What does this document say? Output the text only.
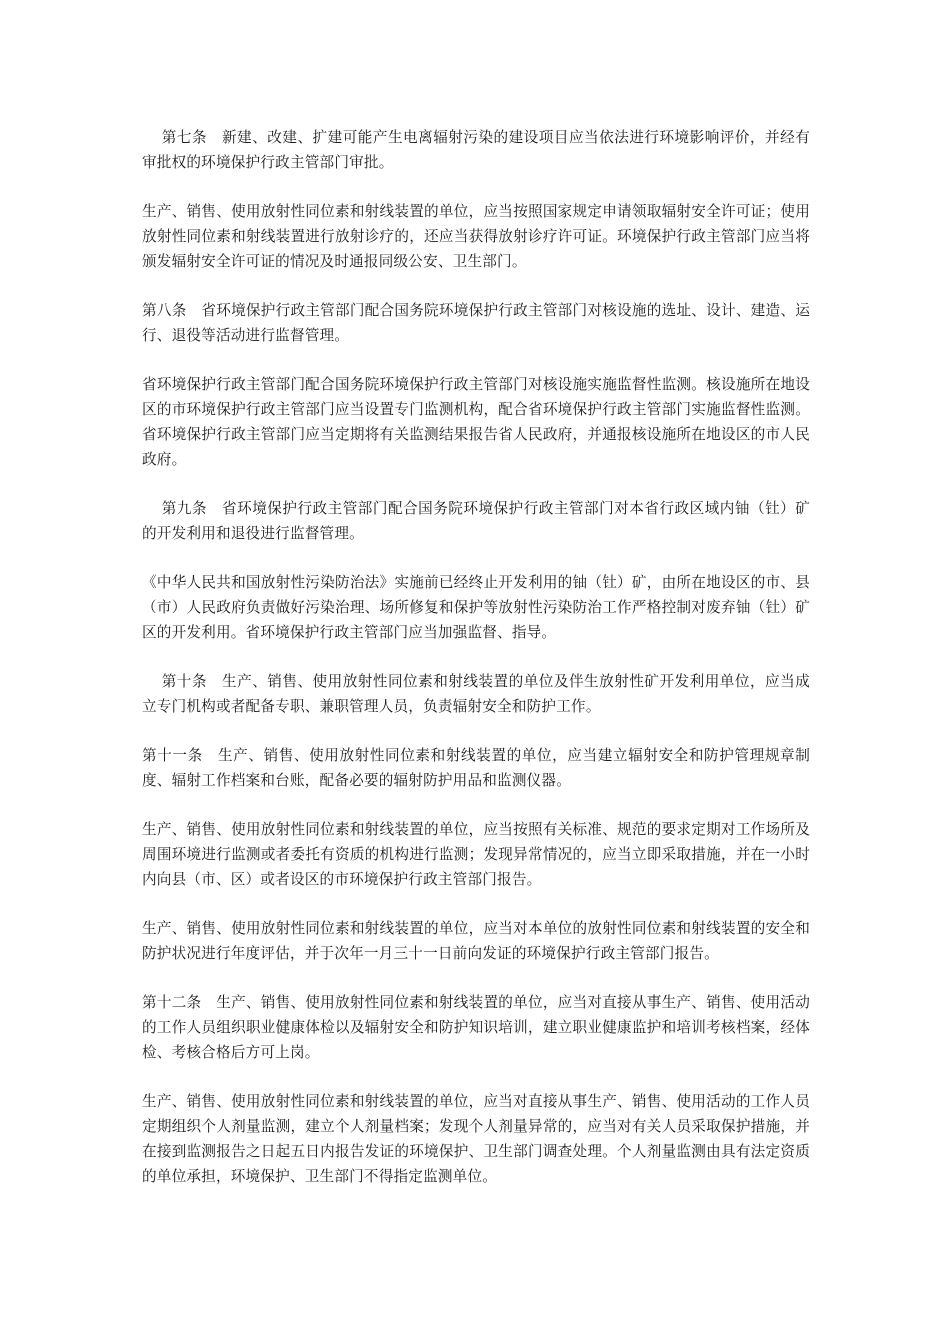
第七条　新建、改建、扩建可能产生电离辐射污染的建设项目应当依法进行环境影响评价，并经有审批权的环境保护行政主管部门审批。

生产、销售、使用放射性同位素和射线装置的单位，应当按照国家规定申请领取辐射安全许可证；使用放射性同位素和射线装置进行放射诊疗的，还应当获得放射诊疗许可证。环境保护行政主管部门应当将颁发辐射安全许可证的情况及时通报同级公安、卫生部门。

第八条　省环境保护行政主管部门配合国务院环境保护行政主管部门对核设施的选址、设计、建造、运行、退役等活动进行监督管理。

省环境保护行政主管部门配合国务院环境保护行政主管部门对核设施实施监督性监测。核设施所在地设区的市环境保护行政主管部门应当设置专门监测机构，配合省环境保护行政主管部门实施监督性监测。省环境保护行政主管部门应当定期将有关监测结果报告省人民政府，并通报核设施所在地设区的市人民政府。

第九条　省环境保护行政主管部门配合国务院环境保护行政主管部门对本省行政区域内铀（钍）矿的开发利用和退役进行监督管理。

《中华人民共和国放射性污染防治法》实施前已经终止开发利用的铀（钍）矿，由所在地设区的市、县（市）人民政府负责做好污染治理、场所修复和保护等放射性污染防治工作严格控制对废弃铀（钍）矿区的开发利用。省环境保护行政主管部门应当加强监督、指导。

第十条　生产、销售、使用放射性同位素和射线装置的单位及伴生放射性矿开发利用单位，应当成立专门机构或者配备专职、兼职管理人员，负责辐射安全和防护工作。

第十一条　生产、销售、使用放射性同位素和射线装置的单位，应当建立辐射安全和防护管理规章制度、辐射工作档案和台账，配备必要的辐射防护用品和监测仪器。

生产、销售、使用放射性同位素和射线装置的单位，应当按照有关标准、规范的要求定期对工作场所及周围环境进行监测或者委托有资质的机构进行监测；发现异常情况的，应当立即采取措施，并在一小时内向县（市、区）或者设区的市环境保护行政主管部门报告。

生产、销售、使用放射性同位素和射线装置的单位，应当对本单位的放射性同位素和射线装置的安全和防护状况进行年度评估，并于次年一月三十一日前向发证的环境保护行政主管部门报告。

第十二条　生产、销售、使用放射性同位素和射线装置的单位，应当对直接从事生产、销售、使用活动的工作人员组织职业健康体检以及辐射安全和防护知识培训，建立职业健康监护和培训考核档案，经体检、考核合格后方可上岗。

生产、销售、使用放射性同位素和射线装置的单位，应当对直接从事生产、销售、使用活动的工作人员定期组织个人剂量监测，建立个人剂量档案；发现个人剂量异常的，应当对有关人员采取保护措施，并在接到监测报告之日起五日内报告发证的环境保护、卫生部门调查处理。个人剂量监测由具有法定资质的单位承担，环境保护、卫生部门不得指定监测单位。
